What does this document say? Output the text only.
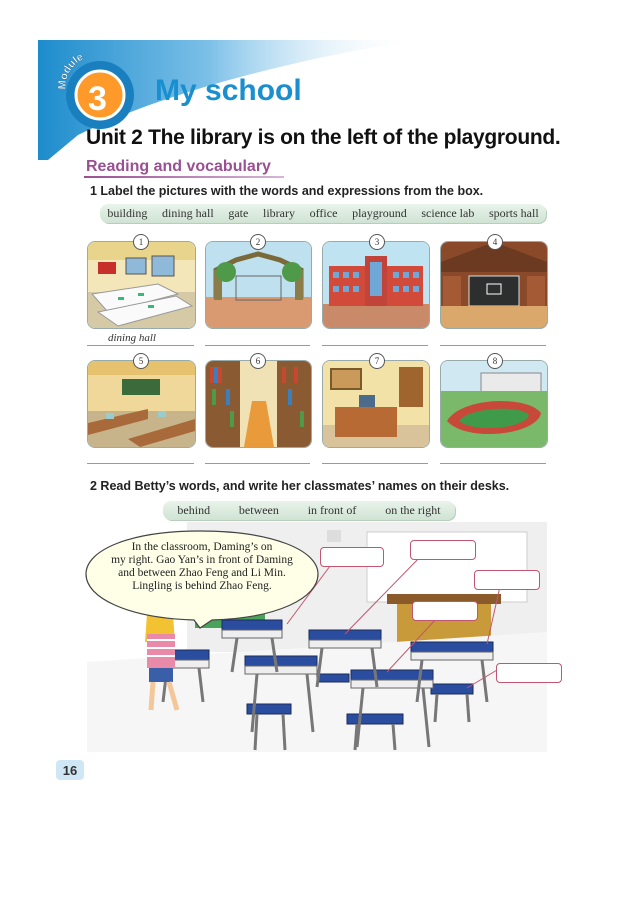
Module
3 My school
Unit 2 The library is on the left of the playground.
Reading and vocabulary
1 Label the pictures with the words and expressions from the box.
building dining hall gate library office playground science lab sports hall
1	2	3	4
dining hall
5	6	7	8
2 Read Betty’s words, and write her classmates’ names on their desks.
behind between in front of on the right
In the classroom, Daming’s on
my right. Gao Yan’s in front of Daming
and between Zhao Feng and Li Min.
Lingling is behind Zhao Feng.
16
